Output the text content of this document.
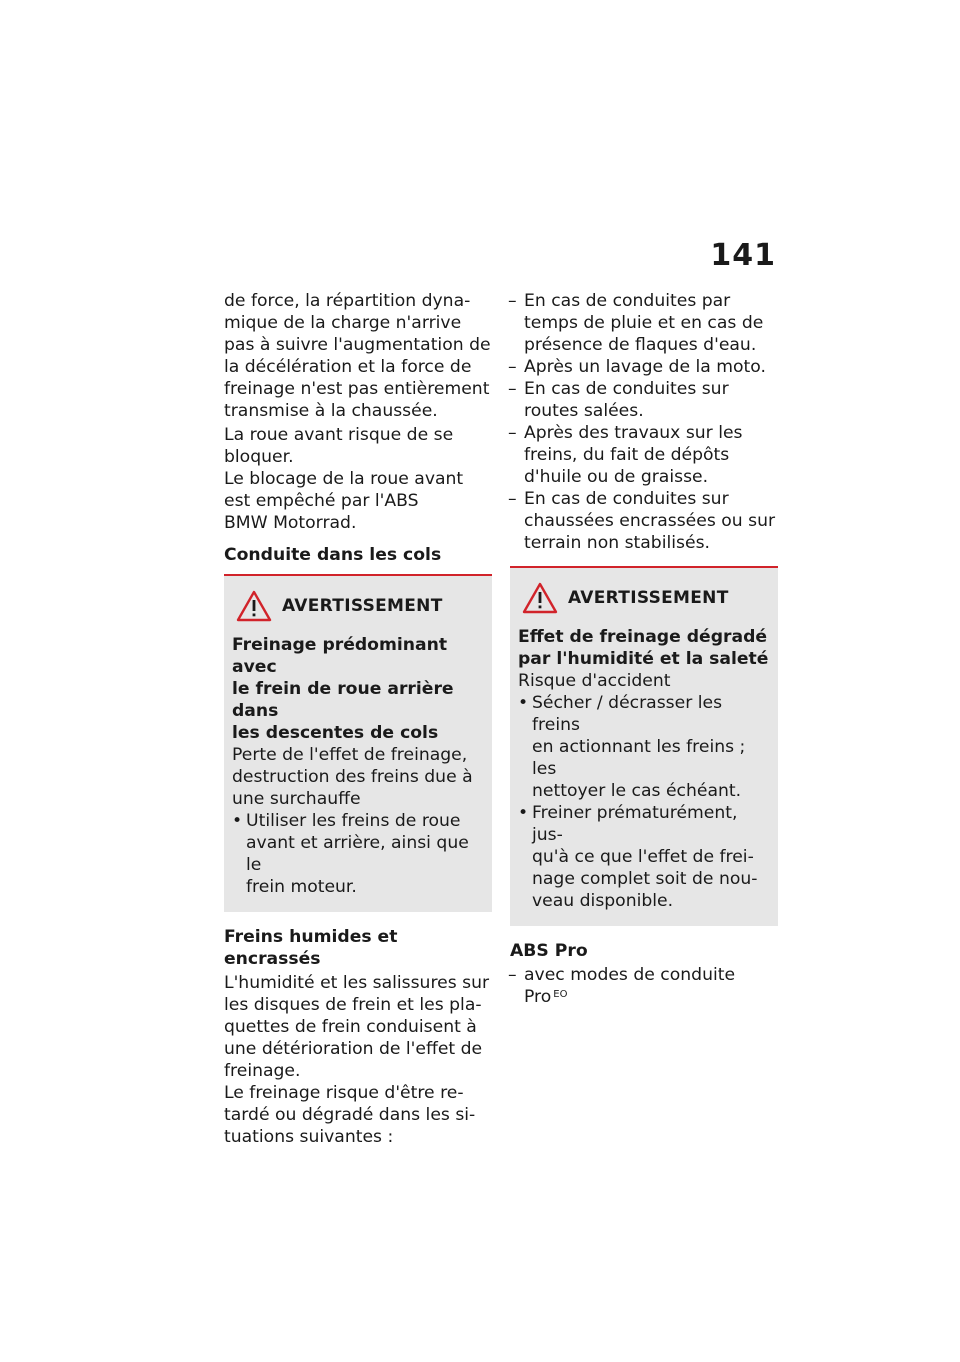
141

de force, la répartition dyna-
mique de la charge n'arrive
pas à suivre l'augmentation de
la décélération et la force de
freinage n'est pas entièrement
transmise à la chaussée.

La roue avant risque de se
bloquer.

Le blocage de la roue avant
est empêché par l'ABS
BMW Motorrad.

Conduite dans les cols
AVERTISSEMENT
Freinage prédominant avec
le frein de roue arrière dans
les descentes de cols
Perte de l'effet de freinage,
destruction des freins due à
une surchauffe
• Utiliser les freins de roue
avant et arrière, ainsi que le
frein moteur.
Freins humides et encrassés

L'humidité et les salissures sur
les disques de frein et les pla-
quettes de frein conduisent à
une détérioration de l'effet de
freinage.

Le freinage risque d'être re-
tardé ou dégradé dans les si-
tuations suivantes :

– En cas de conduites par
temps de pluie et en cas de
présence de flaques d'eau.
– Après un lavage de la moto.
– En cas de conduites sur
routes salées.
– Après des travaux sur les
freins, du fait de dépôts
d'huile ou de graisse.
– En cas de conduites sur
chaussées encrassées ou sur
terrain non stabilisés.
AVERTISSEMENT
Effet de freinage dégradé
par l'humidité et la saleté
Risque d'accident
• Sécher / décrasser les freins
en actionnant les freins ; les
nettoyer le cas échéant.
• Freiner prématurément, jus-
qu'à ce que l'effet de frei-
nage complet soit de nou-
veau disponible.
ABS Pro
– avec modes de conduite
Pro $^{EO}$
